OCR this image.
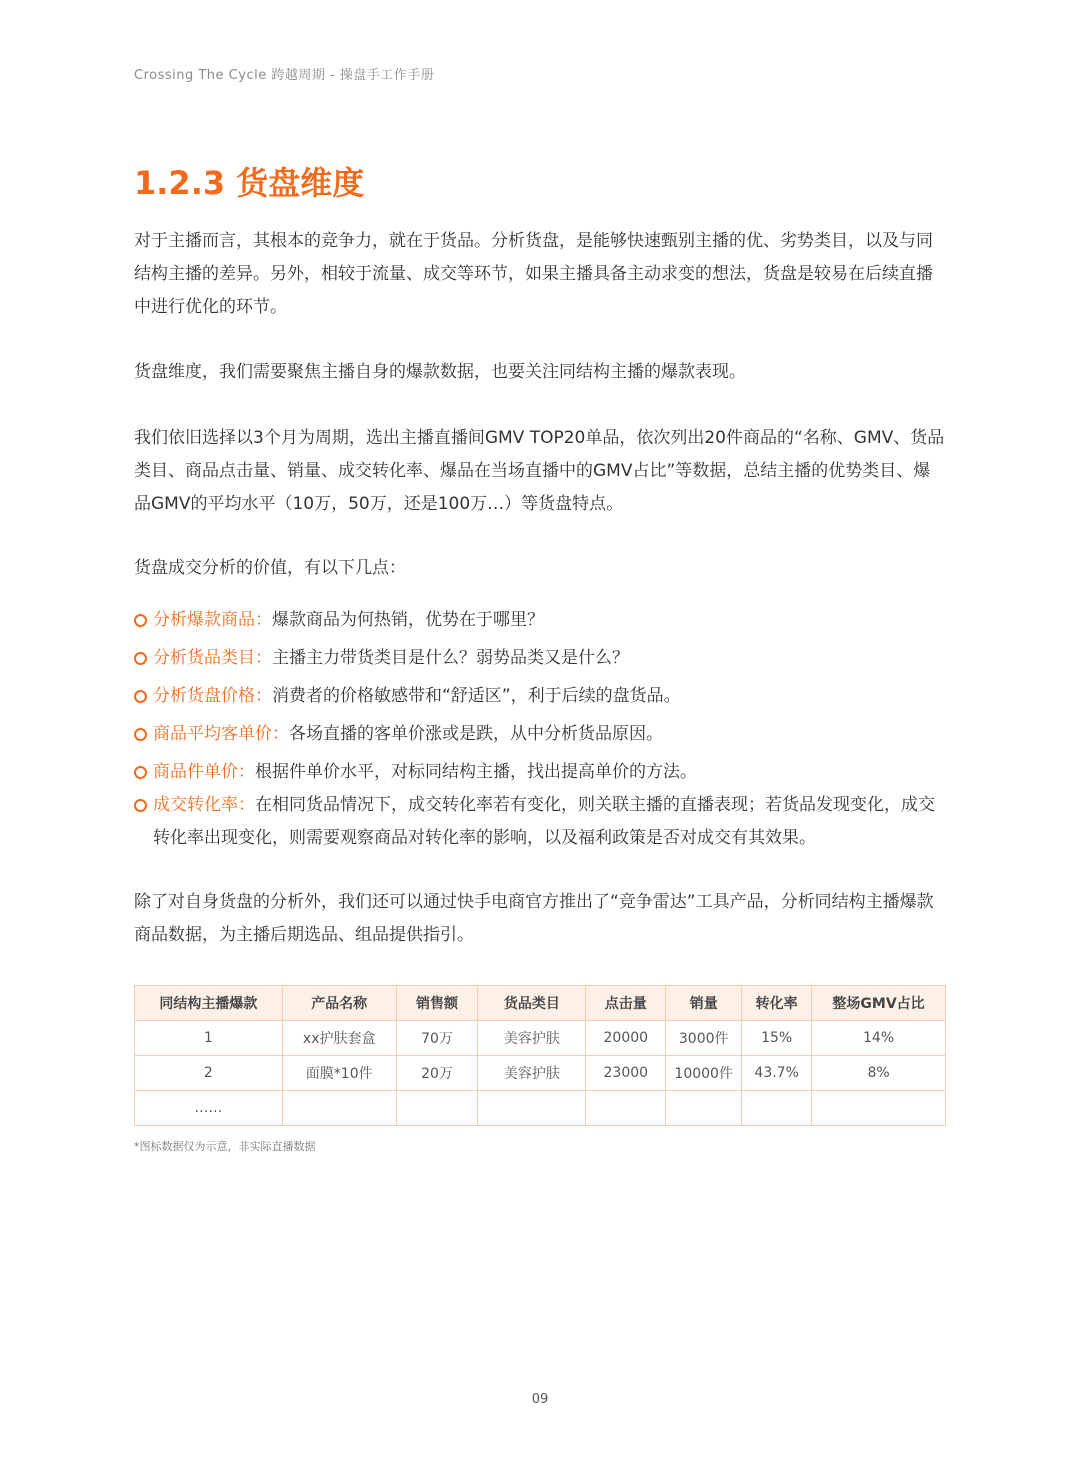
Crossing The Cycle 跨越周期 - 操盘手工作手册
1.2.3 货盘维度

对于主播而言，其根本的竞争力，就在于货品。分析货盘，是能够快速甄别主播的优、劣势类目，以及与同结构主播的差异。另外，相较于流量、成交等环节，如果主播具备主动求变的想法，货盘是较易在后续直播中进行优化的环节。

货盘维度，我们需要聚焦主播自身的爆款数据，也要关注同结构主播的爆款表现。

我们依旧选择以3个月为周期，选出主播直播间GMV TOP20单品，依次列出20件商品的“名称、GMV、货品类目、商品点击量、销量、成交转化率、爆品在当场直播中的GMV占比”等数据，总结主播的优势类目、爆品GMV的平均水平（10万，50万，还是100万…）等货盘特点。

货盘成交分析的价值，有以下几点：

分析爆款商品：爆款商品为何热销，优势在于哪里？
分析货品类目：主播主力带货类目是什么？弱势品类又是什么？
分析货盘价格：消费者的价格敏感带和“舒适区”，利于后续的盘货品。
商品平均客单价：各场直播的客单价涨或是跌，从中分析货品原因。
商品件单价：根据件单价水平，对标同结构主播，找出提高单价的方法。
成交转化率：在相同货品情况下，成交转化率若有变化，则关联主播的直播表现；若货品发现变化，成交转化率出现变化，则需要观察商品对转化率的影响，以及福利政策是否对成交有其效果。

除了对自身货盘的分析外，我们还可以通过快手电商官方推出了“竞争雷达”工具产品，分析同结构主播爆款商品数据，为主播后期选品、组品提供指引。

同结构主播爆款	产品名称	销售额	货品类目	点击量	销量	转化率	整场GMV占比
1	xx护肤套盒	70万	美容护肤	20000	3000件	15%	14%
2	面膜*10件	20万	美容护肤	23000	10000件	43.7%	8%
……							
*图标数据仅为示意，非实际直播数据
09
